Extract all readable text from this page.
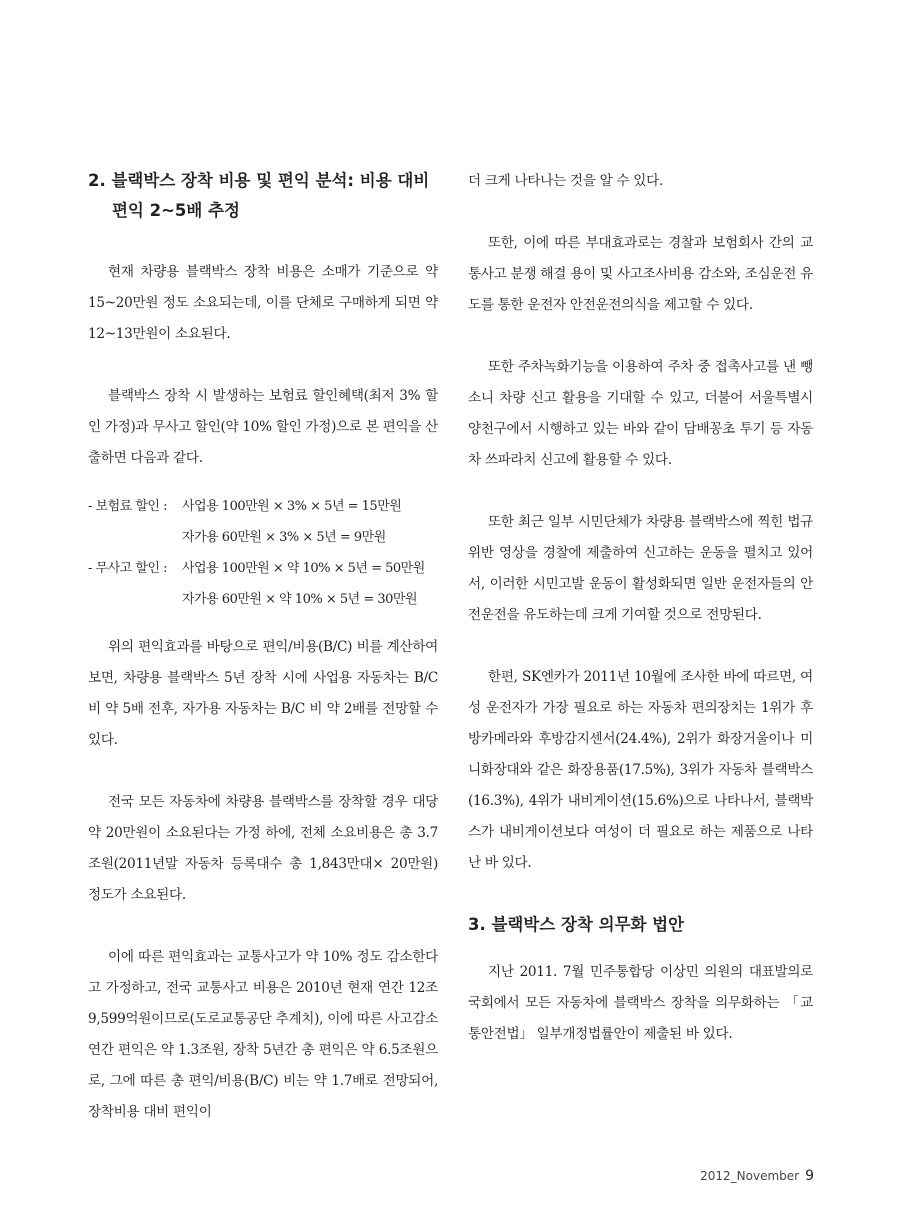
2. 블랙박스 장착 비용 및 편익 분석: 비용 대비
편익 2~5배 추정

현재 차량용 블랙박스 장착 비용은 소매가 기준으로 약 15~20만원 정도 소요되는데, 이를 단체로 구매하게 되면 약 12~13만원이 소요된다.

블랙박스 장착 시 발생하는 보험료 할인혜택(최저 3% 할인 가정)과 무사고 할인(약 10% 할인 가정)으로 본 편익을 산출하면 다음과 같다.

- 보험료 할인 :	사업용 100만원 × 3% × 5년 = 15만원
자가용 60만원 × 3% × 5년 = 9만원
- 무사고 할인 :	사업용 100만원 × 약 10% × 5년 = 50만원
자가용 60만원 × 약 10% × 5년 = 30만원

위의 편익효과를 바탕으로 편익/비용(B/C) 비를 계산하여 보면, 차량용 블랙박스 5년 장착 시에 사업용 자동차는 B/C 비 약 5배 전후, 자가용 자동차는 B/C 비 약 2배를 전망할 수 있다.

전국 모든 자동차에 차량용 블랙박스를 장착할 경우 대당 약 20만원이 소요된다는 가정 하에, 전체 소요비용은 총 3.7조원(2011년말 자동차 등록대수 총 1,843만대× 20만원) 정도가 소요된다.

이에 따른 편익효과는 교통사고가 약 10% 정도 감소한다고 가정하고, 전국 교통사고 비용은 2010년 현재 연간 12조 9,599억원이므로(도로교통공단 추계치), 이에 따른 사고감소 연간 편익은 약 1.3조원, 장착 5년간 총 편익은 약 6.5조원으로, 그에 따른 총 편익/비용(B/C) 비는 약 1.7배로 전망되어, 장착비용 대비 편익이

더 크게 나타나는 것을 알 수 있다.

또한, 이에 따른 부대효과로는 경찰과 보험회사 간의 교통사고 분쟁 해결 용이 및 사고조사비용 감소와, 조심운전 유도를 통한 운전자 안전운전의식을 제고할 수 있다.

또한 주차녹화기능을 이용하여 주차 중 접촉사고를 낸 뺑소니 차량 신고 활용을 기대할 수 있고, 더불어 서울특별시 양천구에서 시행하고 있는 바와 같이 담배꽁초 투기 등 자동차 쓰파라치 신고에 활용할 수 있다.

또한 최근 일부 시민단체가 차량용 블랙박스에 찍힌 법규위반 영상을 경찰에 제출하여 신고하는 운동을 펼치고 있어서, 이러한 시민고발 운동이 활성화되면 일반 운전자들의 안전운전을 유도하는데 크게 기여할 것으로 전망된다.

한편, SK엔카가 2011년 10월에 조사한 바에 따르면, 여성 운전자가 가장 필요로 하는 자동차 편의장치는 1위가 후방카메라와 후방감지센서(24.4%), 2위가 화장거울이나 미니화장대와 같은 화장용품(17.5%), 3위가 자동차 블랙박스(16.3%), 4위가 내비게이션(15.6%)으로 나타나서, 블랙박스가 내비게이션보다 여성이 더 필요로 하는 제품으로 나타난 바 있다.

3. 블랙박스 장착 의무화 법안

지난 2011. 7월 민주통합당 이상민 의원의 대표발의로 국회에서 모든 자동차에 블랙박스 장착을 의무화하는 「교통안전법」 일부개정법률안이 제출된 바 있다.

2012_November 9
